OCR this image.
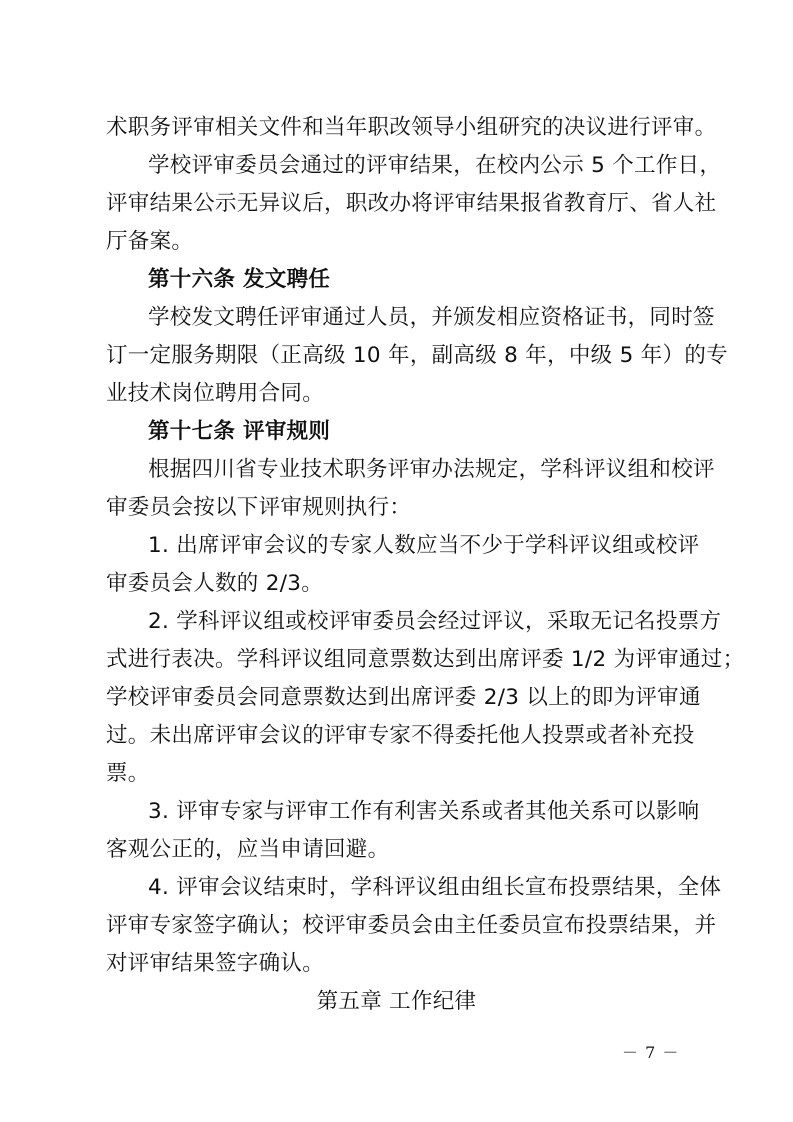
术职务评审相关文件和当年职改领导小组研究的决议进行评审。
学校评审委员会通过的评审结果，在校内公示 5 个工作日，
评审结果公示无异议后，职改办将评审结果报省教育厅、省人社
厅备案。
第十六条 发文聘任
学校发文聘任评审通过人员，并颁发相应资格证书，同时签
订一定服务期限（正高级 10 年，副高级 8 年，中级 5 年）的专
业技术岗位聘用合同。
第十七条 评审规则
根据四川省专业技术职务评审办法规定，学科评议组和校评
审委员会按以下评审规则执行：
1. 出席评审会议的专家人数应当不少于学科评议组或校评
审委员会人数的 2/3。
2. 学科评议组或校评审委员会经过评议，采取无记名投票方
式进行表决。学科评议组同意票数达到出席评委 1/2 为评审通过；
学校评审委员会同意票数达到出席评委 2/3 以上的即为评审通
过。未出席评审会议的评审专家不得委托他人投票或者补充投
票。
3. 评审专家与评审工作有利害关系或者其他关系可以影响
客观公正的，应当申请回避。
4. 评审会议结束时，学科评议组由组长宣布投票结果，全体
评审专家签字确认；校评审委员会由主任委员宣布投票结果，并
对评审结果签字确认。
第五章 工作纪律
－ 7 －
